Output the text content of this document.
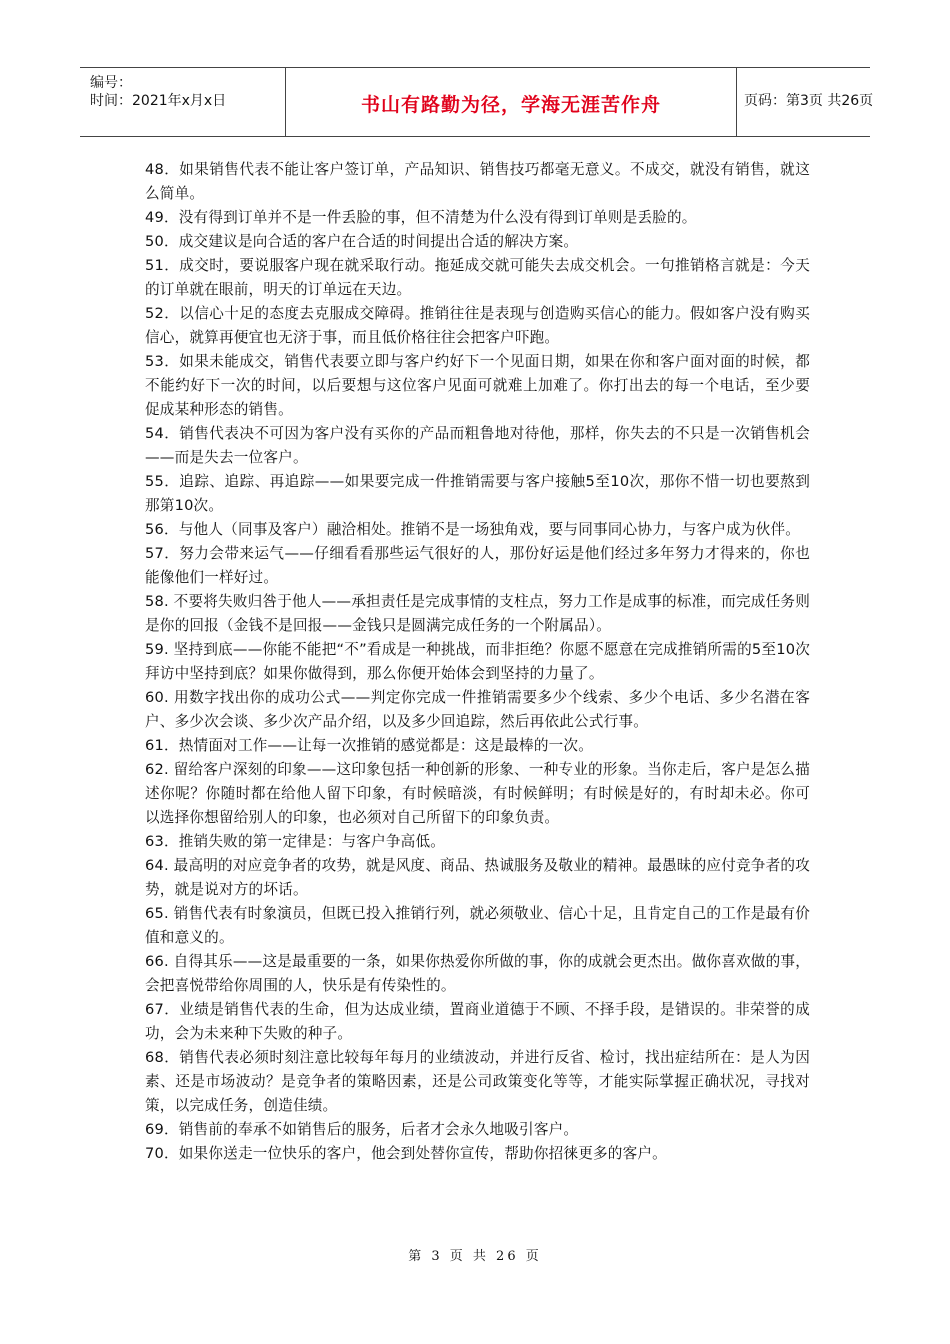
编号：
时间：2021年x月x日	书山有路勤为径，学海无涯苦作舟	页码：第3页 共26页

48．如果销售代表不能让客户签订单，产品知识、销售技巧都毫无意义。不成交，就没有销售，就这么简单。

49．没有得到订单并不是一件丢脸的事，但不清楚为什么没有得到订单则是丢脸的。

50．成交建议是向合适的客户在合适的时间提出合适的解决方案。

51．成交时，要说服客户现在就采取行动。拖延成交就可能失去成交机会。一句推销格言就是：今天的订单就在眼前，明天的订单远在天边。

52．以信心十足的态度去克服成交障碍。推销往往是表现与创造购买信心的能力。假如客户没有购买信心，就算再便宜也无济于事，而且低价格往往会把客户吓跑。

53．如果未能成交，销售代表要立即与客户约好下一个见面日期，如果在你和客户面对面的时候，都不能约好下一次的时间，以后要想与这位客户见面可就难上加难了。你打出去的每一个电话，至少要促成某种形态的销售。

54．销售代表决不可因为客户没有买你的产品而粗鲁地对待他，那样，你失去的不只是一次销售机会——而是失去一位客户。

55．追踪、追踪、再追踪——如果要完成一件推销需要与客户接触5至10次，那你不惜一切也要熬到那第10次。

56．与他人（同事及客户）融洽相处。推销不是一场独角戏，要与同事同心协力，与客户成为伙伴。

57．努力会带来运气——仔细看看那些运气很好的人，那份好运是他们经过多年努力才得来的，你也能像他们一样好过。

58. 不要将失败归咎于他人——承担责任是完成事情的支柱点，努力工作是成事的标准，而完成任务则是你的回报（金钱不是回报——金钱只是圆满完成任务的一个附属品）。

59. 坚持到底——你能不能把“不”看成是一种挑战，而非拒绝？你愿不愿意在完成推销所需的5至10次拜访中坚持到底？如果你做得到，那么你便开始体会到坚持的力量了。

60. 用数字找出你的成功公式——判定你完成一件推销需要多少个线索、多少个电话、多少名潜在客户、多少次会谈、多少次产品介绍，以及多少回追踪，然后再依此公式行事。

61．热情面对工作——让每一次推销的感觉都是：这是最棒的一次。

62. 留给客户深刻的印象——这印象包括一种创新的形象、一种专业的形象。当你走后，客户是怎么描述你呢？你随时都在给他人留下印象，有时候暗淡，有时候鲜明；有时候是好的，有时却未必。你可以选择你想留给别人的印象，也必须对自己所留下的印象负责。

63．推销失败的第一定律是：与客户争高低。

64. 最高明的对应竞争者的攻势，就是风度、商品、热诚服务及敬业的精神。最愚昧的应付竞争者的攻势，就是说对方的坏话。

65. 销售代表有时象演员，但既已投入推销行列，就必须敬业、信心十足，且肯定自己的工作是最有价值和意义的。

66. 自得其乐——这是最重要的一条，如果你热爱你所做的事，你的成就会更杰出。做你喜欢做的事，会把喜悦带给你周围的人，快乐是有传染性的。

67．业绩是销售代表的生命，但为达成业绩，置商业道德于不顾、不择手段，是错误的。非荣誉的成功，会为未来种下失败的种子。

68．销售代表必须时刻注意比较每年每月的业绩波动，并进行反省、检讨，找出症结所在：是人为因素、还是市场波动？是竞争者的策略因素，还是公司政策变化等等，才能实际掌握正确状况，寻找对策，以完成任务，创造佳绩。

69．销售前的奉承不如销售后的服务，后者才会永久地吸引客户。

70．如果你送走一位快乐的客户，他会到处替你宣传，帮助你招徕更多的客户。

第 3 页 共 26 页
